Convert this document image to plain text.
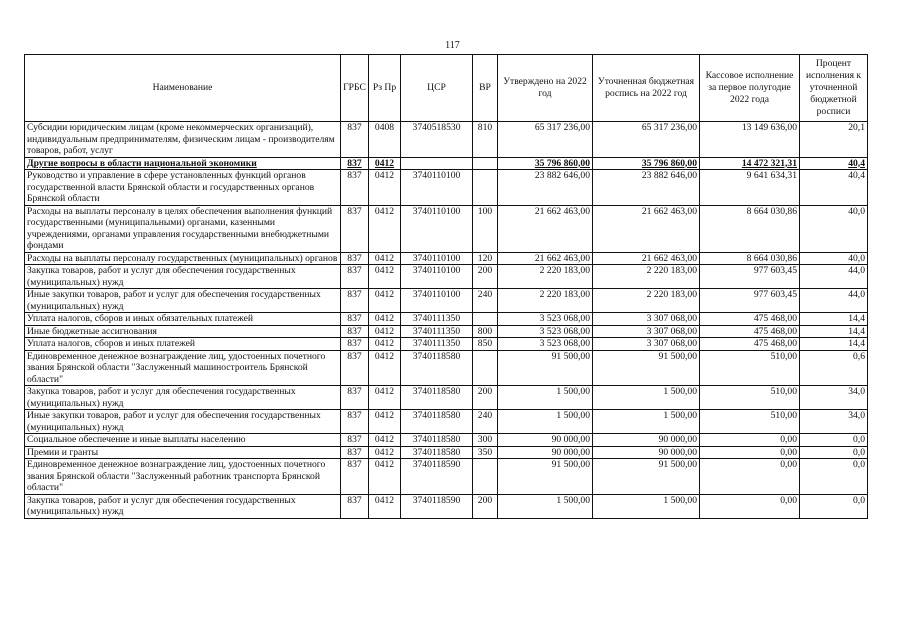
117
Наименование	ГРБС	Рз Пр	ЦСР	ВР	Утверждено на 2022 год	Уточненная бюджетная роспись на 2022 год	Кассовое исполнение за первое полугодие 2022 года	Процент исполнения к уточненной бюджетной росписи
Субсидии юридическим лицам (кроме некоммерческих организаций), индивидуальным предпринимателям, физическим лицам - производителям товаров, работ, услуг	837	0408	3740518530	810	65 317 236,00	65 317 236,00	13 149 636,00	20,1
Другие вопросы в области национальной экономики	837	0412			35 796 860,00	35 796 860,00	14 472 321,31	40,4
Руководство и управление в сфере установленных функций органов государственной власти Брянской области и государственных органов Брянской области	837	0412	3740110100		23 882 646,00	23 882 646,00	9 641 634,31	40,4
Расходы на выплаты персоналу в целях обеспечения выполнения функций государственными (муниципальными) органами, казенными учреждениями, органами управления государственными внебюджетными фондами	837	0412	3740110100	100	21 662 463,00	21 662 463,00	8 664 030,86	40,0
Расходы на выплаты персоналу государственных (муниципальных) органов	837	0412	3740110100	120	21 662 463,00	21 662 463,00	8 664 030,86	40,0
Закупка товаров, работ и услуг для обеспечения государственных (муниципальных) нужд	837	0412	3740110100	200	2 220 183,00	2 220 183,00	977 603,45	44,0
Иные закупки товаров, работ и услуг для обеспечения государственных (муниципальных) нужд	837	0412	3740110100	240	2 220 183,00	2 220 183,00	977 603,45	44,0
Уплата налогов, сборов и иных обязательных платежей	837	0412	3740111350		3 523 068,00	3 307 068,00	475 468,00	14,4
Иные бюджетные ассигнования	837	0412	3740111350	800	3 523 068,00	3 307 068,00	475 468,00	14,4
Уплата налогов, сборов и иных платежей	837	0412	3740111350	850	3 523 068,00	3 307 068,00	475 468,00	14,4
Единовременное денежное вознаграждение лиц, удостоенных почетного звания Брянской области "Заслуженный машиностроитель Брянской области"	837	0412	3740118580		91 500,00	91 500,00	510,00	0,6
Закупка товаров, работ и услуг для обеспечения государственных (муниципальных) нужд	837	0412	3740118580	200	1 500,00	1 500,00	510,00	34,0
Иные закупки товаров, работ и услуг для обеспечения государственных (муниципальных) нужд	837	0412	3740118580	240	1 500,00	1 500,00	510,00	34,0
Социальное обеспечение и иные выплаты населению	837	0412	3740118580	300	90 000,00	90 000,00	0,00	0,0
Премии и гранты	837	0412	3740118580	350	90 000,00	90 000,00	0,00	0,0
Единовременное денежное вознаграждение лиц, удостоенных почетного звания Брянской области "Заслуженный работник транспорта Брянской области"	837	0412	3740118590		91 500,00	91 500,00	0,00	0,0
Закупка товаров, работ и услуг для обеспечения государственных (муниципальных) нужд	837	0412	3740118590	200	1 500,00	1 500,00	0,00	0,0
